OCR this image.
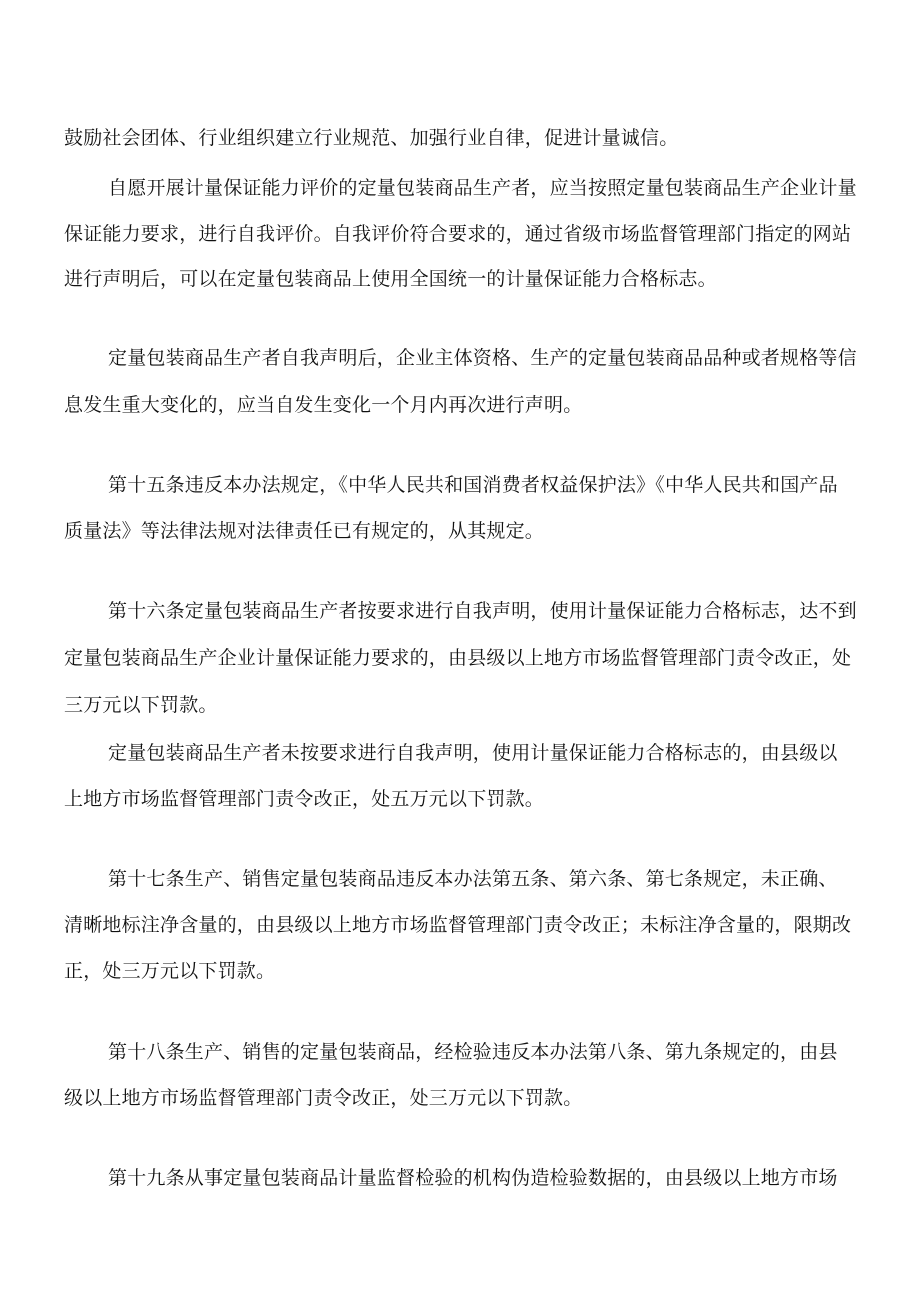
鼓励社会团体、行业组织建立行业规范、加强行业自律，促进计量诚信。
自愿开展计量保证能力评价的定量包装商品生产者，应当按照定量包装商品生产企业计量
保证能力要求，进行自我评价。自我评价符合要求的，通过省级市场监督管理部门指定的网站
进行声明后，可以在定量包装商品上使用全国统一的计量保证能力合格标志。
定量包装商品生产者自我声明后，企业主体资格、生产的定量包装商品品种或者规格等信
息发生重大变化的，应当自发生变化一个月内再次进行声明。
第十五条违反本办法规定，《中华人民共和国消费者权益保护法》《中华人民共和国产品
质量法》等法律法规对法律责任已有规定的，从其规定。
第十六条定量包装商品生产者按要求进行自我声明，使用计量保证能力合格标志，达不到
定量包装商品生产企业计量保证能力要求的，由县级以上地方市场监督管理部门责令改正，处
三万元以下罚款。
定量包装商品生产者未按要求进行自我声明，使用计量保证能力合格标志的，由县级以
上地方市场监督管理部门责令改正，处五万元以下罚款。
第十七条生产、销售定量包装商品违反本办法第五条、第六条、第七条规定，未正确、
清晰地标注净含量的，由县级以上地方市场监督管理部门责令改正；未标注净含量的，限期改
正，处三万元以下罚款。
第十八条生产、销售的定量包装商品，经检验违反本办法第八条、第九条规定的，由县
级以上地方市场监督管理部门责令改正，处三万元以下罚款。
第十九条从事定量包装商品计量监督检验的机构伪造检验数据的，由县级以上地方市场
